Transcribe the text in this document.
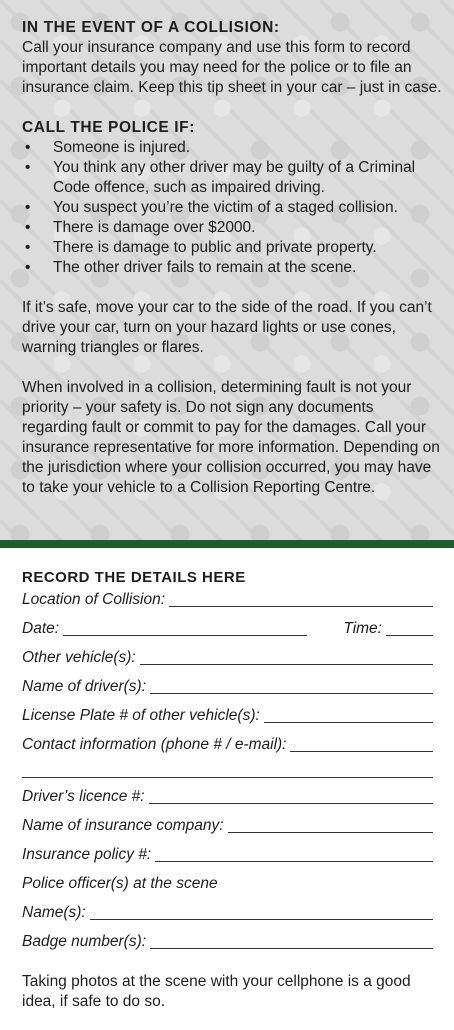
IN THE EVENT OF A COLLISION:

Call your insurance company and use this form to record important details you may need for the police or to file an insurance claim. Keep this tip sheet in your car – just in case.

CALL THE POLICE IF:

• Someone is injured.
• You think any other driver may be guilty of a Criminal Code offence, such as impaired driving.
• You suspect you’re the victim of a staged collision.
• There is damage over $2000.
• There is damage to public and private property.
• The other driver fails to remain at the scene.

If it’s safe, move your car to the side of the road. If you can’t drive your car, turn on your hazard lights or use cones, warning triangles or flares.

When involved in a collision, determining fault is not your priority – your safety is. Do not sign any documents regarding fault or commit to pay for the damages. Call your insurance representative for more information. Depending on the jurisdiction where your collision occurred, you may have to take your vehicle to a Collision Reporting Centre.

RECORD THE DETAILS HERE

Location of Collision:
Date:	Time:
Other vehicle(s):
Name of driver(s):
License Plate # of other vehicle(s):
Contact information (phone # / e-mail):
Driver’s licence #:
Name of insurance company:
Insurance policy #:
Police officer(s) at the scene
Name(s):
Badge number(s):

Taking photos at the scene with your cellphone is a good idea, if safe to do so.
